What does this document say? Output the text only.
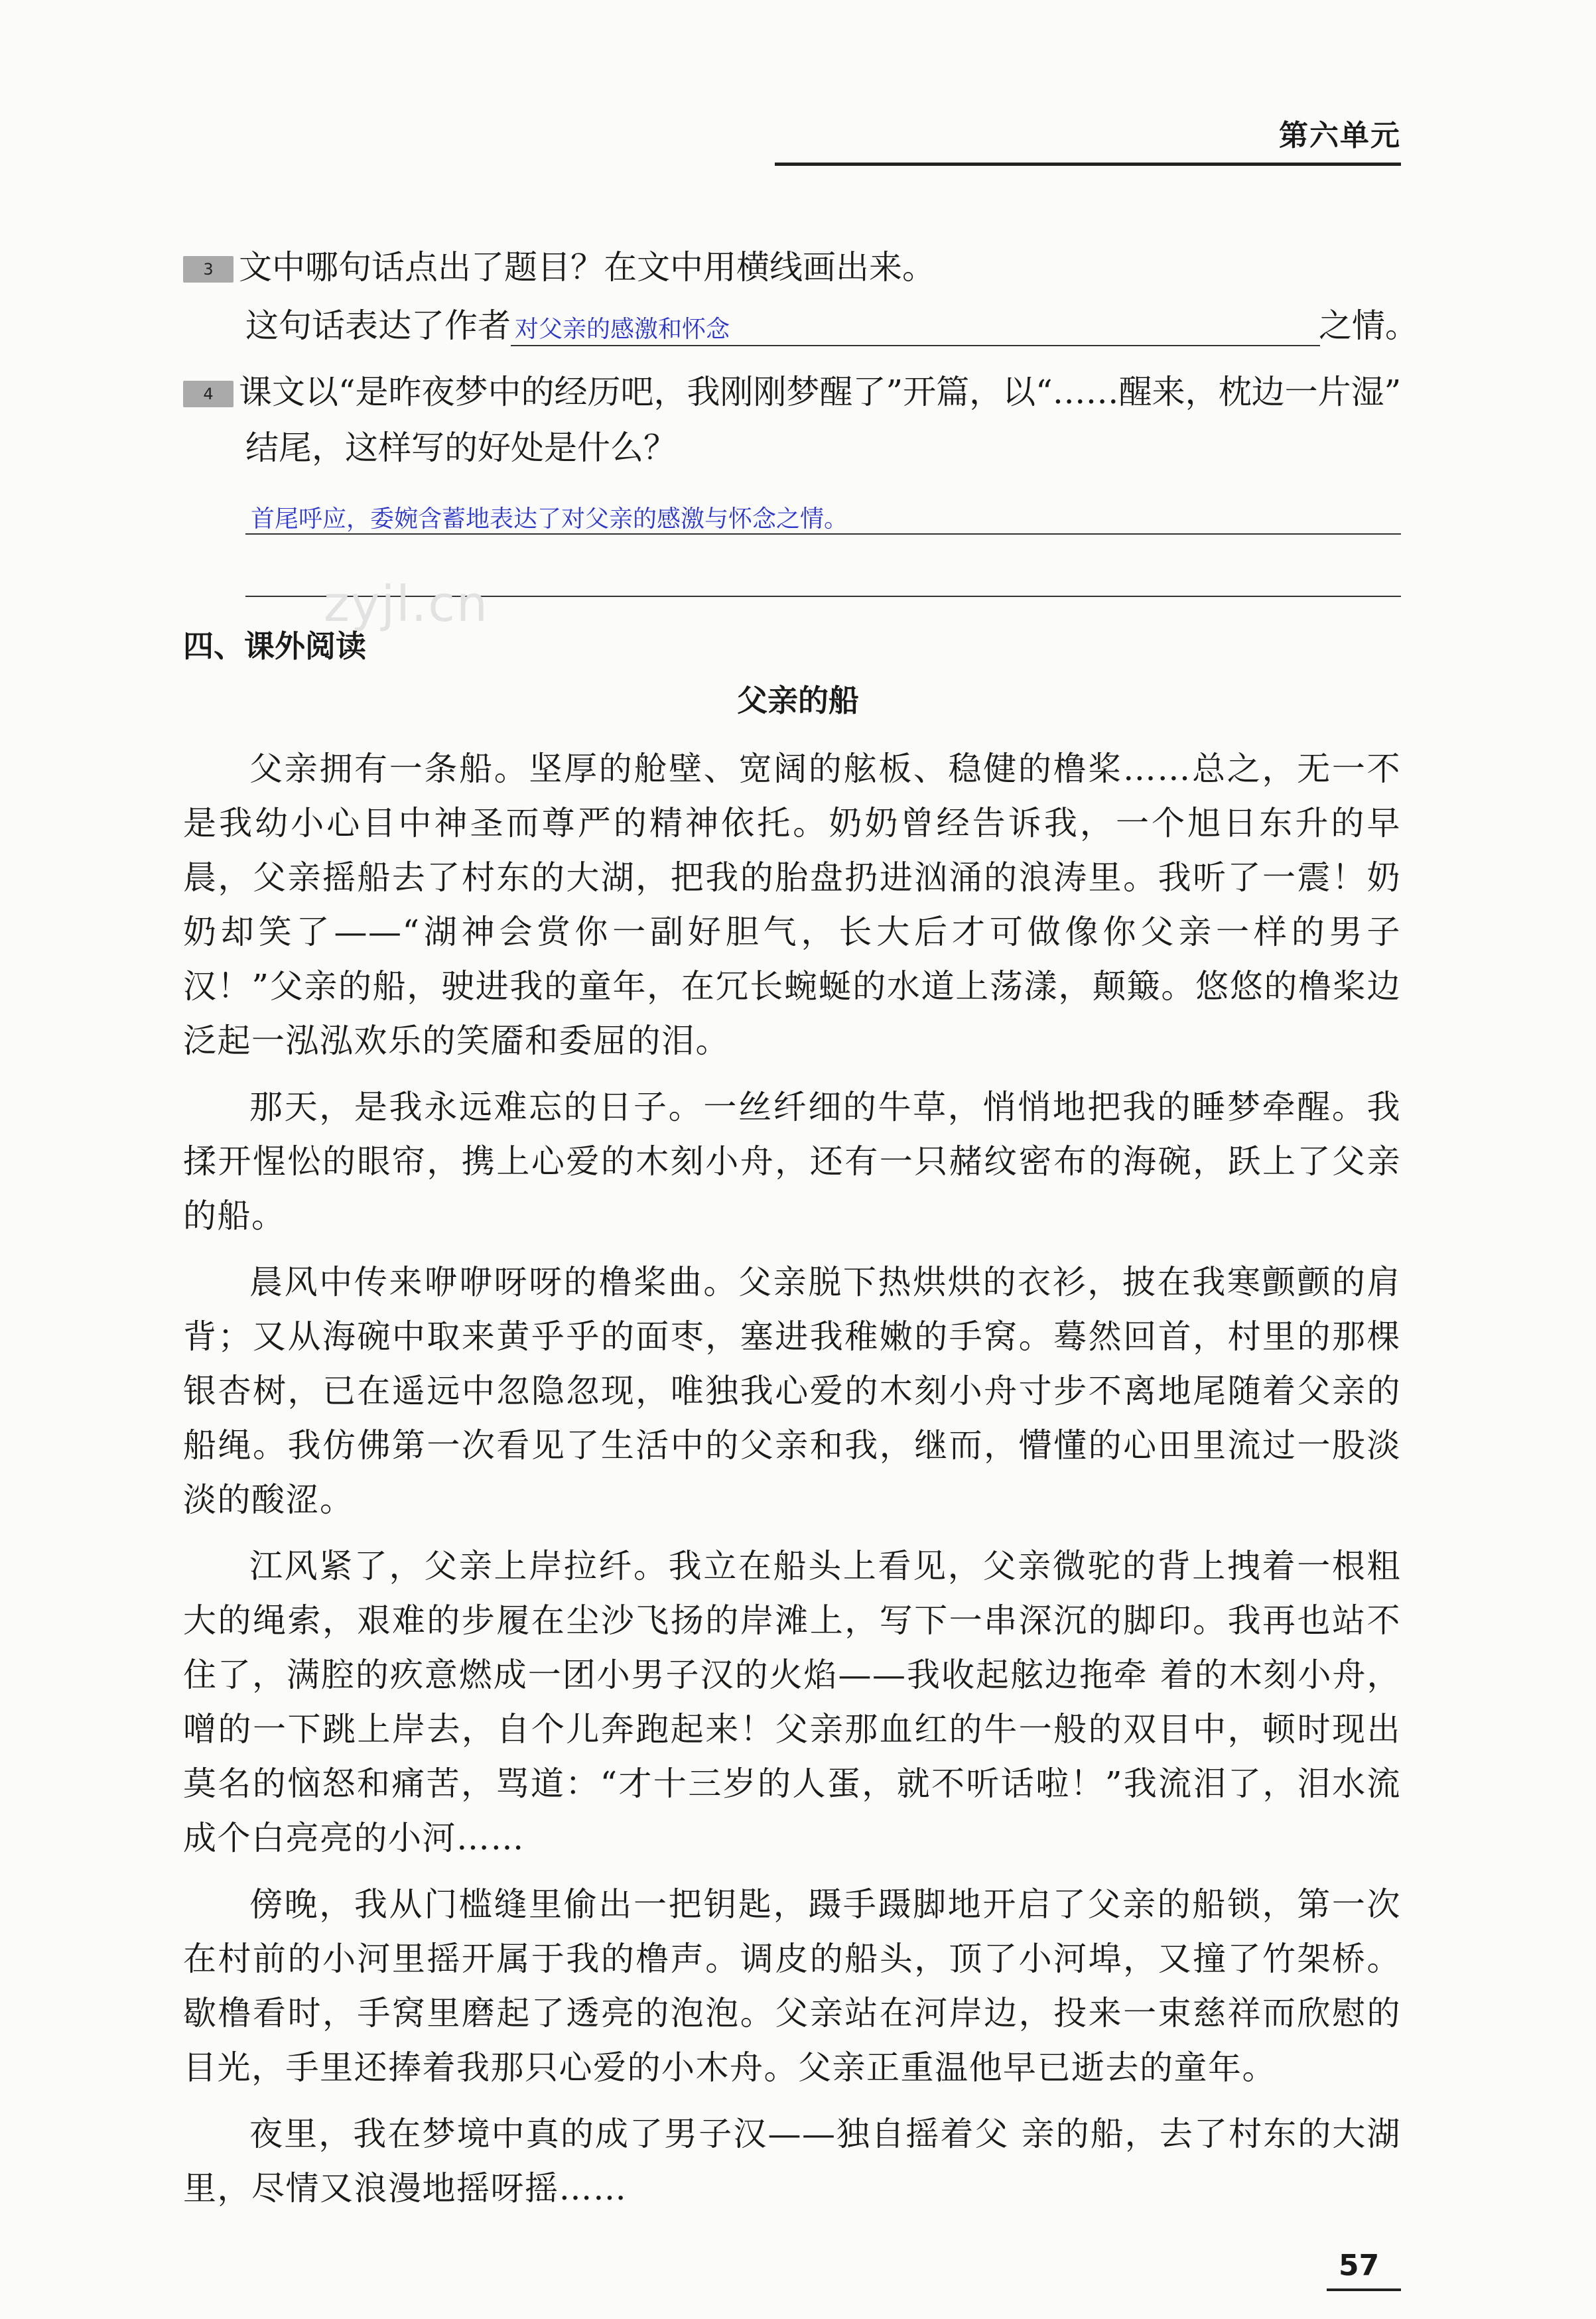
第六单元
3 文中哪句话点出了题目？在文中用横线画出来。
这句话表达了作者 对父亲的感激和怀念	之情。
4 课文以“是昨夜梦中的经历吧，我刚刚梦醒了”开篇，以“……醒来，枕边一片湿”
结尾，这样写的好处是什么？
首尾呼应，委婉含蓄地表达了对父亲的感激与怀念之情。
zyjl.cn
四、课外阅读
父亲的船

父亲拥有一条船。坚厚的舱壁、宽阔的舷板、稳健的橹桨……总之，无一不是我幼小心目中神圣而尊严的精神依托。奶奶曾经告诉我，一个旭日东升的早晨，父亲摇船去了村东的大湖，把我的胎盘扔进汹涌的浪涛里。我听了一震！奶奶却笑了——“湖神会赏你一副好胆气，长大后才可做像你父亲一样的男子汉！”父亲的船，驶进我的童年，在冗长蜿蜒的水道上荡漾，颠簸。悠悠的橹桨边泛起一泓泓欢乐的笑靥和委屈的泪。

那天，是我永远难忘的日子。一丝纤细的牛草，悄悄地把我的睡梦牵醒。我揉开惺忪的眼帘，携上心爱的木刻小舟，还有一只赭纹密布的海碗，跃上了父亲的船。

晨风中传来咿咿呀呀的橹桨曲。父亲脱下热烘烘的衣衫，披在我寒颤颤的肩背；又从海碗中取来黄乎乎的面枣，塞进我稚嫩的手窝。蓦然回首，村里的那棵银杏树，已在遥远中忽隐忽现，唯独我心爱的木刻小舟寸步不离地尾随着父亲的船绳。我仿佛第一次看见了生活中的父亲和我，继而，懵懂的心田里流过一股淡淡的酸涩。

江风紧了，父亲上岸拉纤。我立在船头上看见，父亲微驼的背上拽着一根粗大的绳索，艰难的步履在尘沙飞扬的岸滩上，写下一串深沉的脚印。我再也站不住了，满腔的疚意燃成一团小男子汉的火焰——我收起舷边拖牵 着的木刻小舟，噌的一下跳上岸去，自个儿奔跑起来！父亲那血红的牛一般的双目中，顿时现出莫名的恼怒和痛苦，骂道：“才十三岁的人蛋，就不听话啦！”我流泪了，泪水流成个白亮亮的小河……

傍晚，我从门槛缝里偷出一把钥匙，蹑手蹑脚地开启了父亲的船锁，第一次在村前的小河里摇开属于我的橹声。调皮的船头，顶了小河埠，又撞了竹架桥。歇橹看时，手窝里磨起了透亮的泡泡。父亲站在河岸边，投来一束慈祥而欣慰的目光，手里还捧着我那只心爱的小木舟。父亲正重温他早已逝去的童年。

夜里，我在梦境中真的成了男子汉——独自摇着父 亲的船，去了村东的大湖里，尽情又浪漫地摇呀摇……

57
